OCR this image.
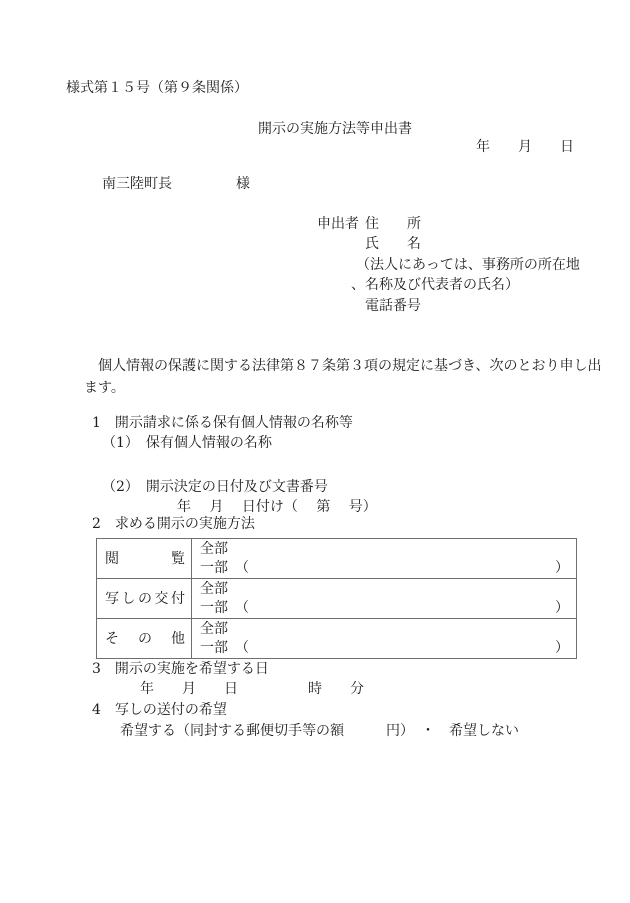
様式第１５号（第９条関係）
開示の実施方法等申出書
年　　月　　日
南三陸町長	様
申出者 住　　所
氏　　名
（法人にあっては、事務所の所在地
、名称及び代表者の氏名）
電話番号
　個人情報の保護に関する法律第８７条第３項の規定に基づき、次のとおり申し出
ます。
1　開示請求に係る保有個人情報の名称等
（1）　保有個人情報の名称
（2）　開示決定の日付及び文書番号
年　 月　 日付け（　 第　 号）
2　求める開示の実施方法
閲	覧
全部
一部　（	）
写 し の 交 付
全部
一部　（	）
そ の 他
全部
一部　（	）
3　開示の実施を希望する日
年　　月　　日　　　　　時　　分
4　写しの送付の希望
希望する（同封する郵便切手等の額　　　円）　・　希望しない
